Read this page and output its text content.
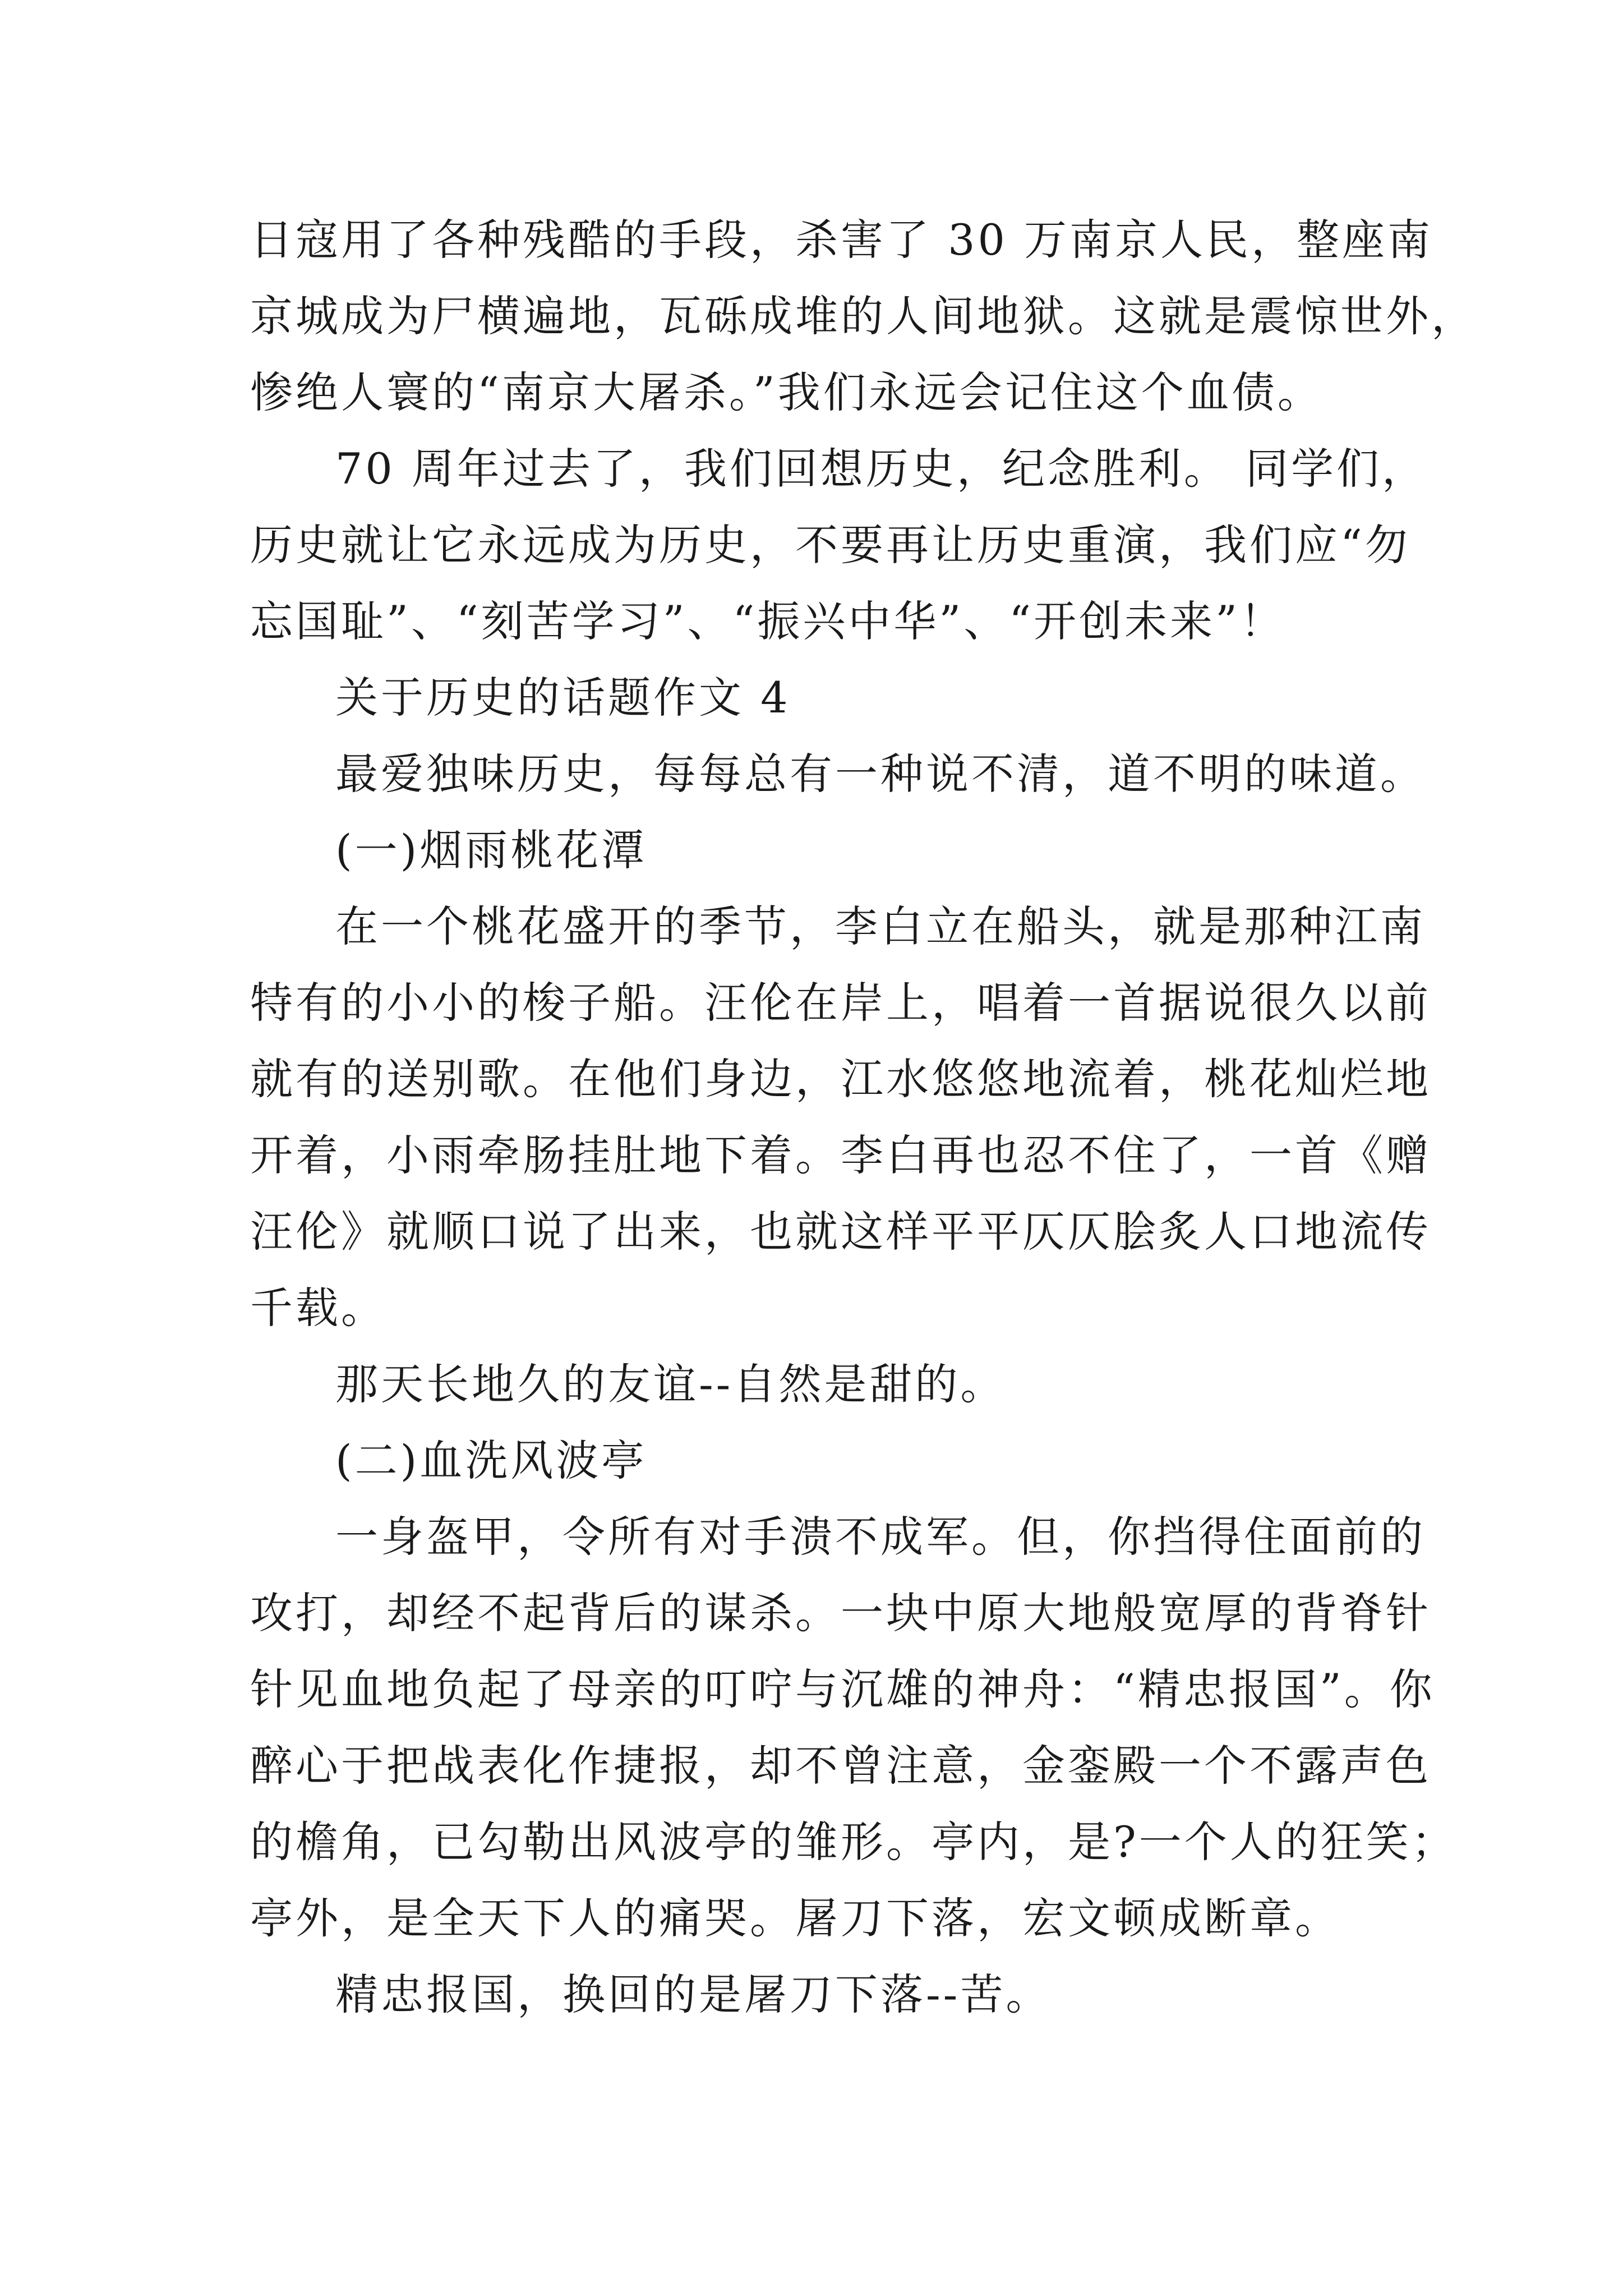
日寇用了各种残酷的手段，杀害了 30 万南京人民，整座南
京城成为尸横遍地，瓦砾成堆的人间地狱。这就是震惊世外，
惨绝人寰的“南京大屠杀。”我们永远会记住这个血债。
70 周年过去了，我们回想历史，纪念胜利。 同学们，
历史就让它永远成为历史，不要再让历史重演，我们应“勿
忘国耻”、“刻苦学习”、“振兴中华”、“开创未来”！
关于历史的话题作文 4
最爱独味历史，每每总有一种说不清，道不明的味道。
(一)烟雨桃花潭
在一个桃花盛开的季节，李白立在船头，就是那种江南
特有的小小的梭子船。汪伦在岸上，唱着一首据说很久以前
就有的送别歌。在他们身边，江水悠悠地流着，桃花灿烂地
开着，小雨牵肠挂肚地下着。李白再也忍不住了，一首《赠
汪伦》就顺口说了出来，也就这样平平仄仄脍炙人口地流传
千载。
那天长地久的友谊--自然是甜的。
(二)血洗风波亭
一身盔甲，令所有对手溃不成军。但，你挡得住面前的
攻打，却经不起背后的谋杀。一块中原大地般宽厚的背脊针
针见血地负起了母亲的叮咛与沉雄的神舟：“精忠报国”。你
醉心于把战表化作捷报，却不曾注意，金銮殿一个不露声色
的檐角，已勾勒出风波亭的雏形。亭内，是?一个人的狂笑；
亭外，是全天下人的痛哭。屠刀下落，宏文顿成断章。
精忠报国，换回的是屠刀下落--苦。
